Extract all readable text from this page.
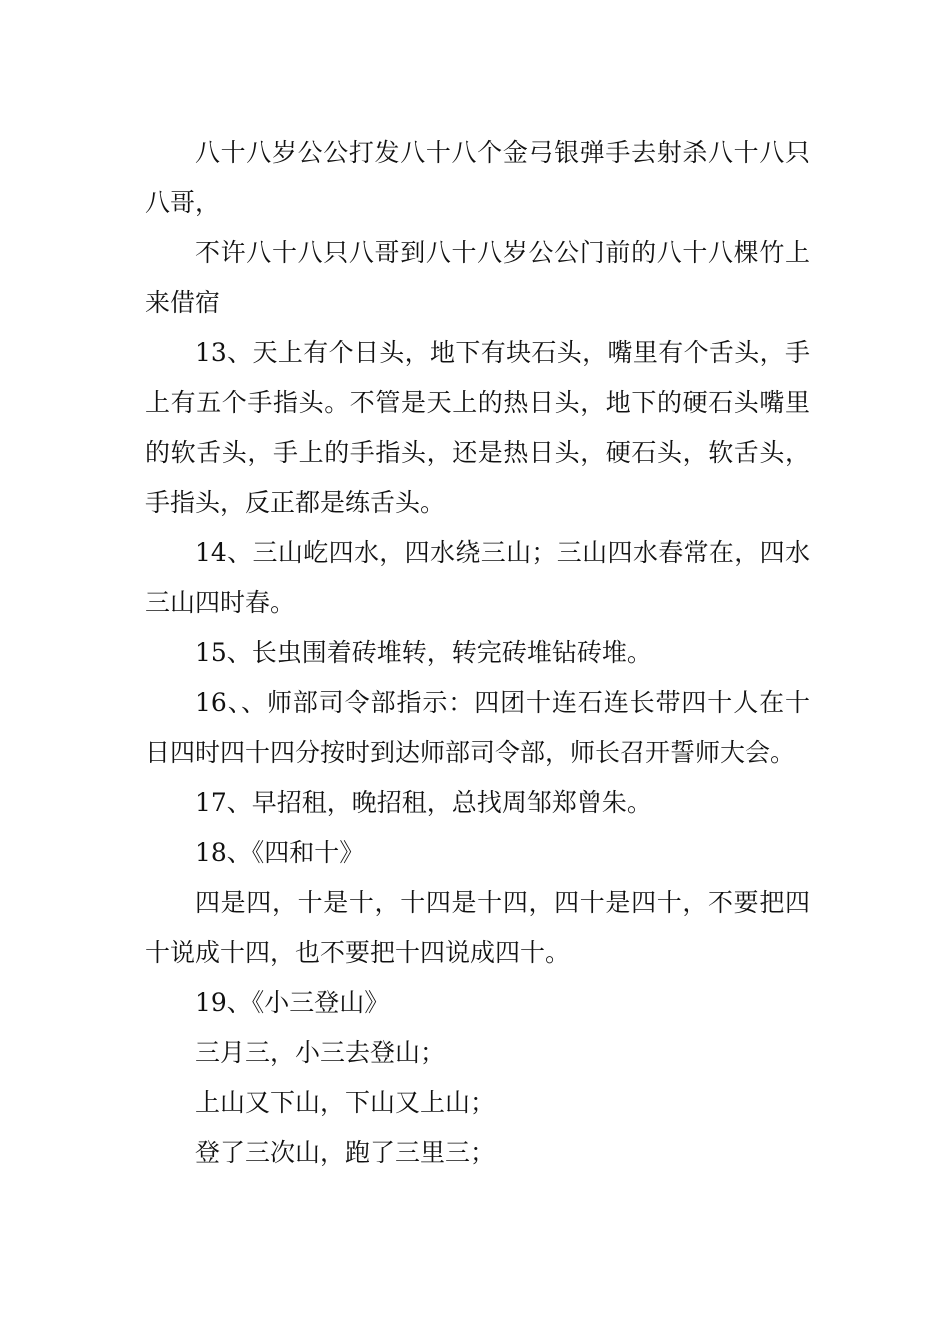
八十八岁公公打发八十八个金弓银弹手去射杀八十八只八哥，

不许八十八只八哥到八十八岁公公门前的八十八棵竹上来借宿

13、天上有个日头，地下有块石头，嘴里有个舌头，手上有五个手指头。不管是天上的热日头，地下的硬石头嘴里的软舌头，手上的手指头，还是热日头，硬石头，软舌头，手指头，反正都是练舌头。

14、三山屹四水，四水绕三山；三山四水春常在，四水三山四时春。

15、长虫围着砖堆转，转完砖堆钻砖堆。

16、、师部司令部指示：四团十连石连长带四十人在十日四时四十四分按时到达师部司令部，师长召开誓师大会。

17、早招租，晚招租，总找周邹郑曾朱。

18、《四和十》

四是四，十是十，十四是十四，四十是四十，不要把四十说成十四，也不要把十四说成四十。

19、《小三登山》

三月三，小三去登山；

上山又下山，下山又上山；

登了三次山，跑了三里三；
